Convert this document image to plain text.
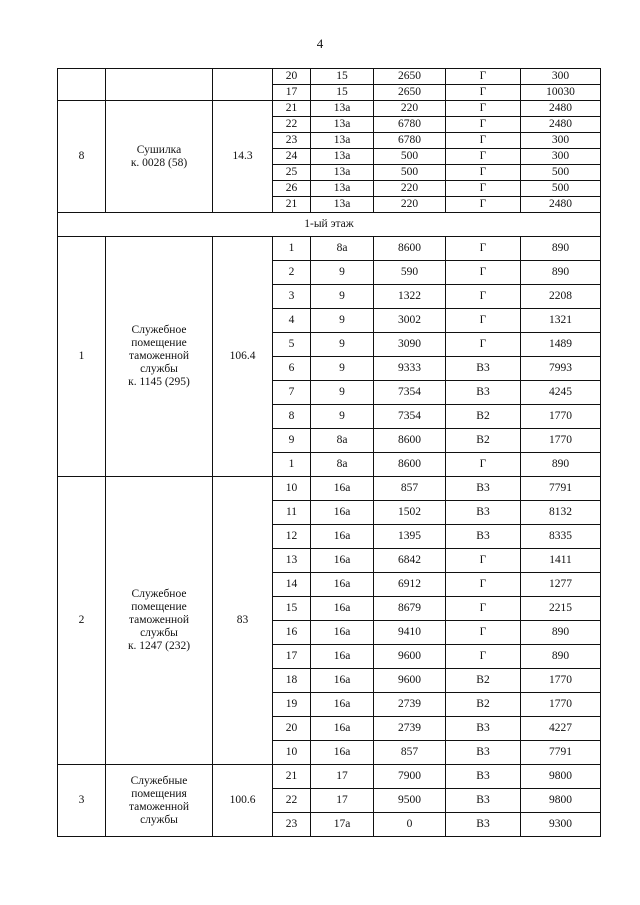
4
			20	15	2650	Г	300
			17	15	2650	Г	10030
8	Сушилка
к. 0028 (58)	14.3	21	13а	220	Г	2480
			22	13а	6780	Г	2480
			23	13а	6780	Г	300
			24	13а	500	Г	300
			25	13а	500	Г	500
			26	13а	220	Г	500
			21	13а	220	Г	2480
1-ый этаж							
1	Служебное
помещение
таможенной
службы
к. 1145 (295)	106.4	1	8а	8600	Г	890
			2	9	590	Г	890
			3	9	1322	Г	2208
			4	9	3002	Г	1321
			5	9	3090	Г	1489
			6	9	9333	В3	7993
			7	9	7354	В3	4245
			8	9	7354	В2	1770
			9	8а	8600	В2	1770
			1	8а	8600	Г	890
2	Служебное
помещение
таможенной
службы
к. 1247 (232)	83	10	16а	857	В3	7791
			11	16а	1502	В3	8132
			12	16а	1395	В3	8335
			13	16а	6842	Г	1411
			14	16а	6912	Г	1277
			15	16а	8679	Г	2215
			16	16а	9410	Г	890
			17	16а	9600	Г	890
			18	16а	9600	В2	1770
			19	16а	2739	В2	1770
			20	16а	2739	В3	4227
			10	16а	857	В3	7791
3	Служебные
помещения
таможенной
службы	100.6	21	17	7900	В3	9800
			22	17	9500	В3	9800
			23	17а	0	В3	9300
